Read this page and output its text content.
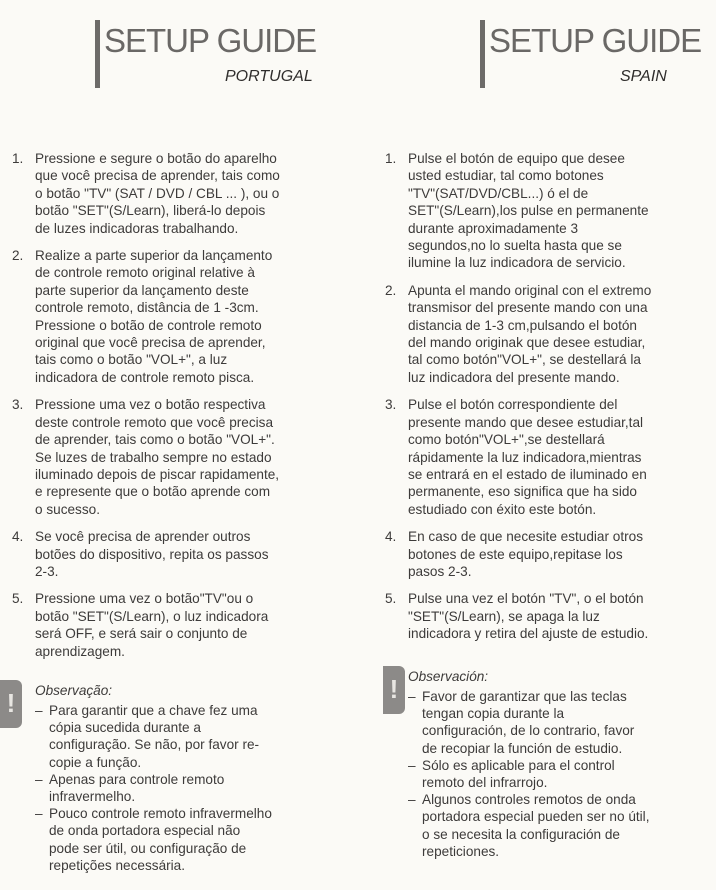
SETUP GUIDE
PORTUGAL
1. Pressione e segure o botão do aparelho
que você precisa de aprender, tais como
o botão "TV" (SAT / DVD / CBL ... ), ou o
botão "SET"(S/Learn), liberá-lo depois
de luzes indicadoras trabalhando.
2. Realize a parte superior da lançamento
de controle remoto original relative à
parte superior da lançamento deste
controle remoto, distância de 1 -3cm.
Pressione o botão de controle remoto
original que você precisa de aprender,
tais como o botão "VOL+", a luz
indicadora de controle remoto pisca.
3. Pressione uma vez o botão respectiva
deste controle remoto que você precisa
de aprender, tais como o botão "VOL+".
Se luzes de trabalho sempre no estado
iluminado depois de piscar rapidamente,
e represente que o botão aprende com
o sucesso.
4. Se você precisa de aprender outros
botões do dispositivo, repita os passos
2-3.
5. Pressione uma vez o botão"TV"ou o
botão "SET"(S/Learn), o luz indicadora
será OFF, e será sair o conjunto de
aprendizagem.
!	Observação:
– Para garantir que a chave fez uma
cópia sucedida durante a
configuração. Se não, por favor re-
copie a função.
– Apenas para controle remoto
infravermelho.
– Pouco controle remoto infravermelho
de onda portadora especial não
pode ser útil, ou configuração de
repetições necessária.
SETUP GUIDE
SPAIN
1. Pulse el botón de equipo que desee
usted estudiar, tal como botones
"TV"(SAT/DVD/CBL...) ó el de
SET"(S/Learn),los pulse en permanente
durante aproximadamente 3
segundos,no lo suelta hasta que se
ilumine la luz indicadora de servicio.
2. Apunta el mando original con el extremo
transmisor del presente mando con una
distancia de 1-3 cm,pulsando el botón
del mando originak que desee estudiar,
tal como botón"VOL+", se destellará la
luz indicadora del presente mando.
3. Pulse el botón correspondiente del
presente mando que desee estudiar,tal
como botón"VOL+",se destellará
rápidamente la luz indicadora,mientras
se entrará en el estado de iluminado en
permanente, eso significa que ha sido
estudiado con éxito este botón.
4. En caso de que necesite estudiar otros
botones de este equipo,repitase los
pasos 2-3.
5. Pulse una vez el botón "TV", o el botón
"SET"(S/Learn), se apaga la luz
indicadora y retira del ajuste de estudio.
! Observación:
– Favor de garantizar que las teclas
tengan copia durante la
configuración, de lo contrario, favor
de recopiar la función de estudio.
– Sólo es aplicable para el control
remoto del infrarrojo.
– Algunos controles remotos de onda
portadora especial pueden ser no útil,
o se necesita la configuración de
repeticiones.
